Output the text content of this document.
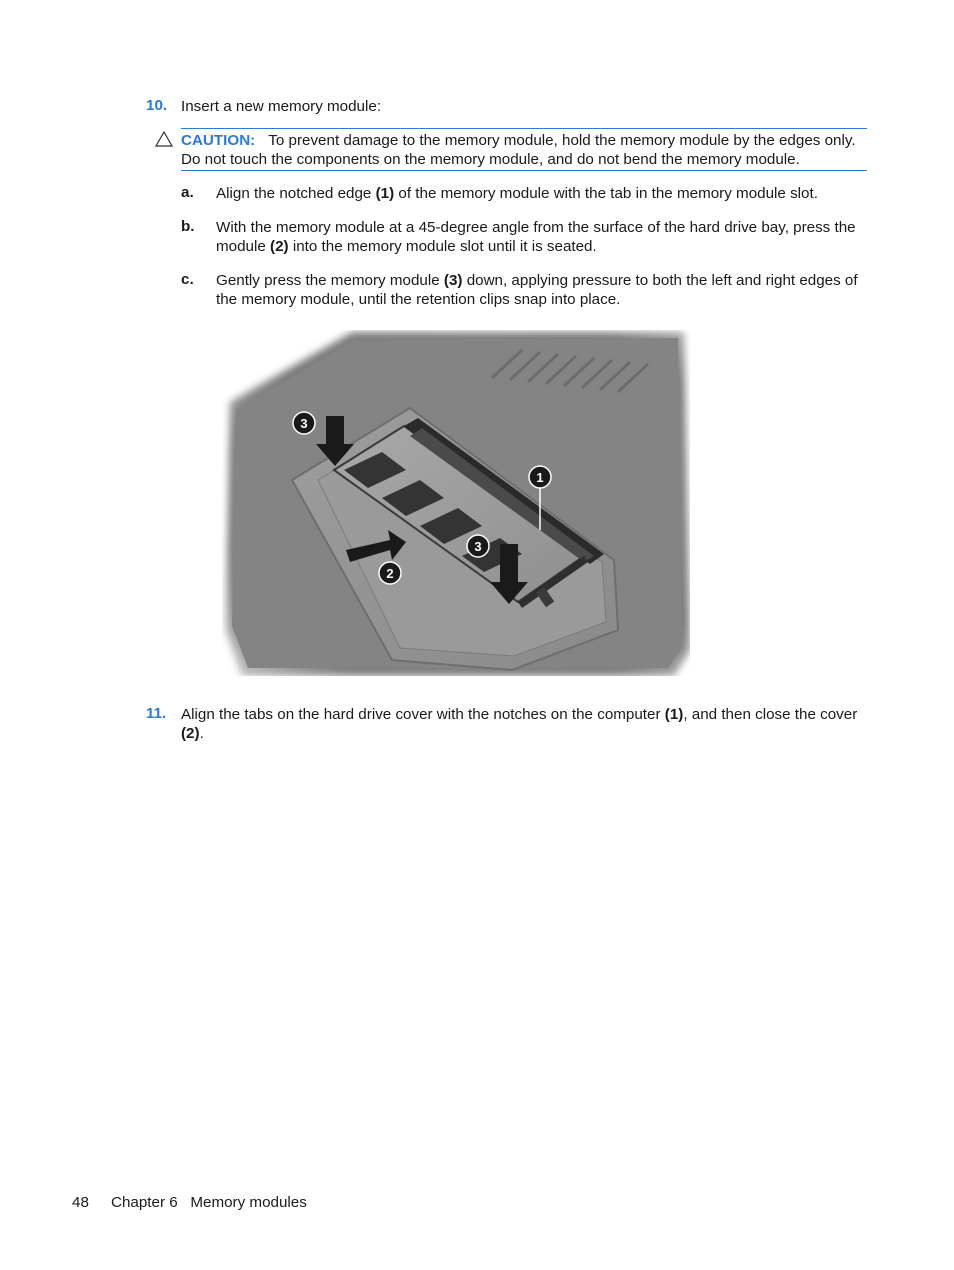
10. Insert a new memory module:
CAUTION: To prevent damage to the memory module, hold the memory module by the edges only. Do not touch the components on the memory module, and do not bend the memory module.
a. Align the notched edge (1) of the memory module with the tab in the memory module slot.
b. With the memory module at a 45-degree angle from the surface of the hard drive bay, press the module (2) into the memory module slot until it is seated.
c. Gently press the memory module (3) down, applying pressure to both the left and right edges of the memory module, until the retention clips snap into place.
3
1
3
2
11. Align the tabs on the hard drive cover with the notches on the computer (1), and then close the cover (2).
48 Chapter 6   Memory modules
